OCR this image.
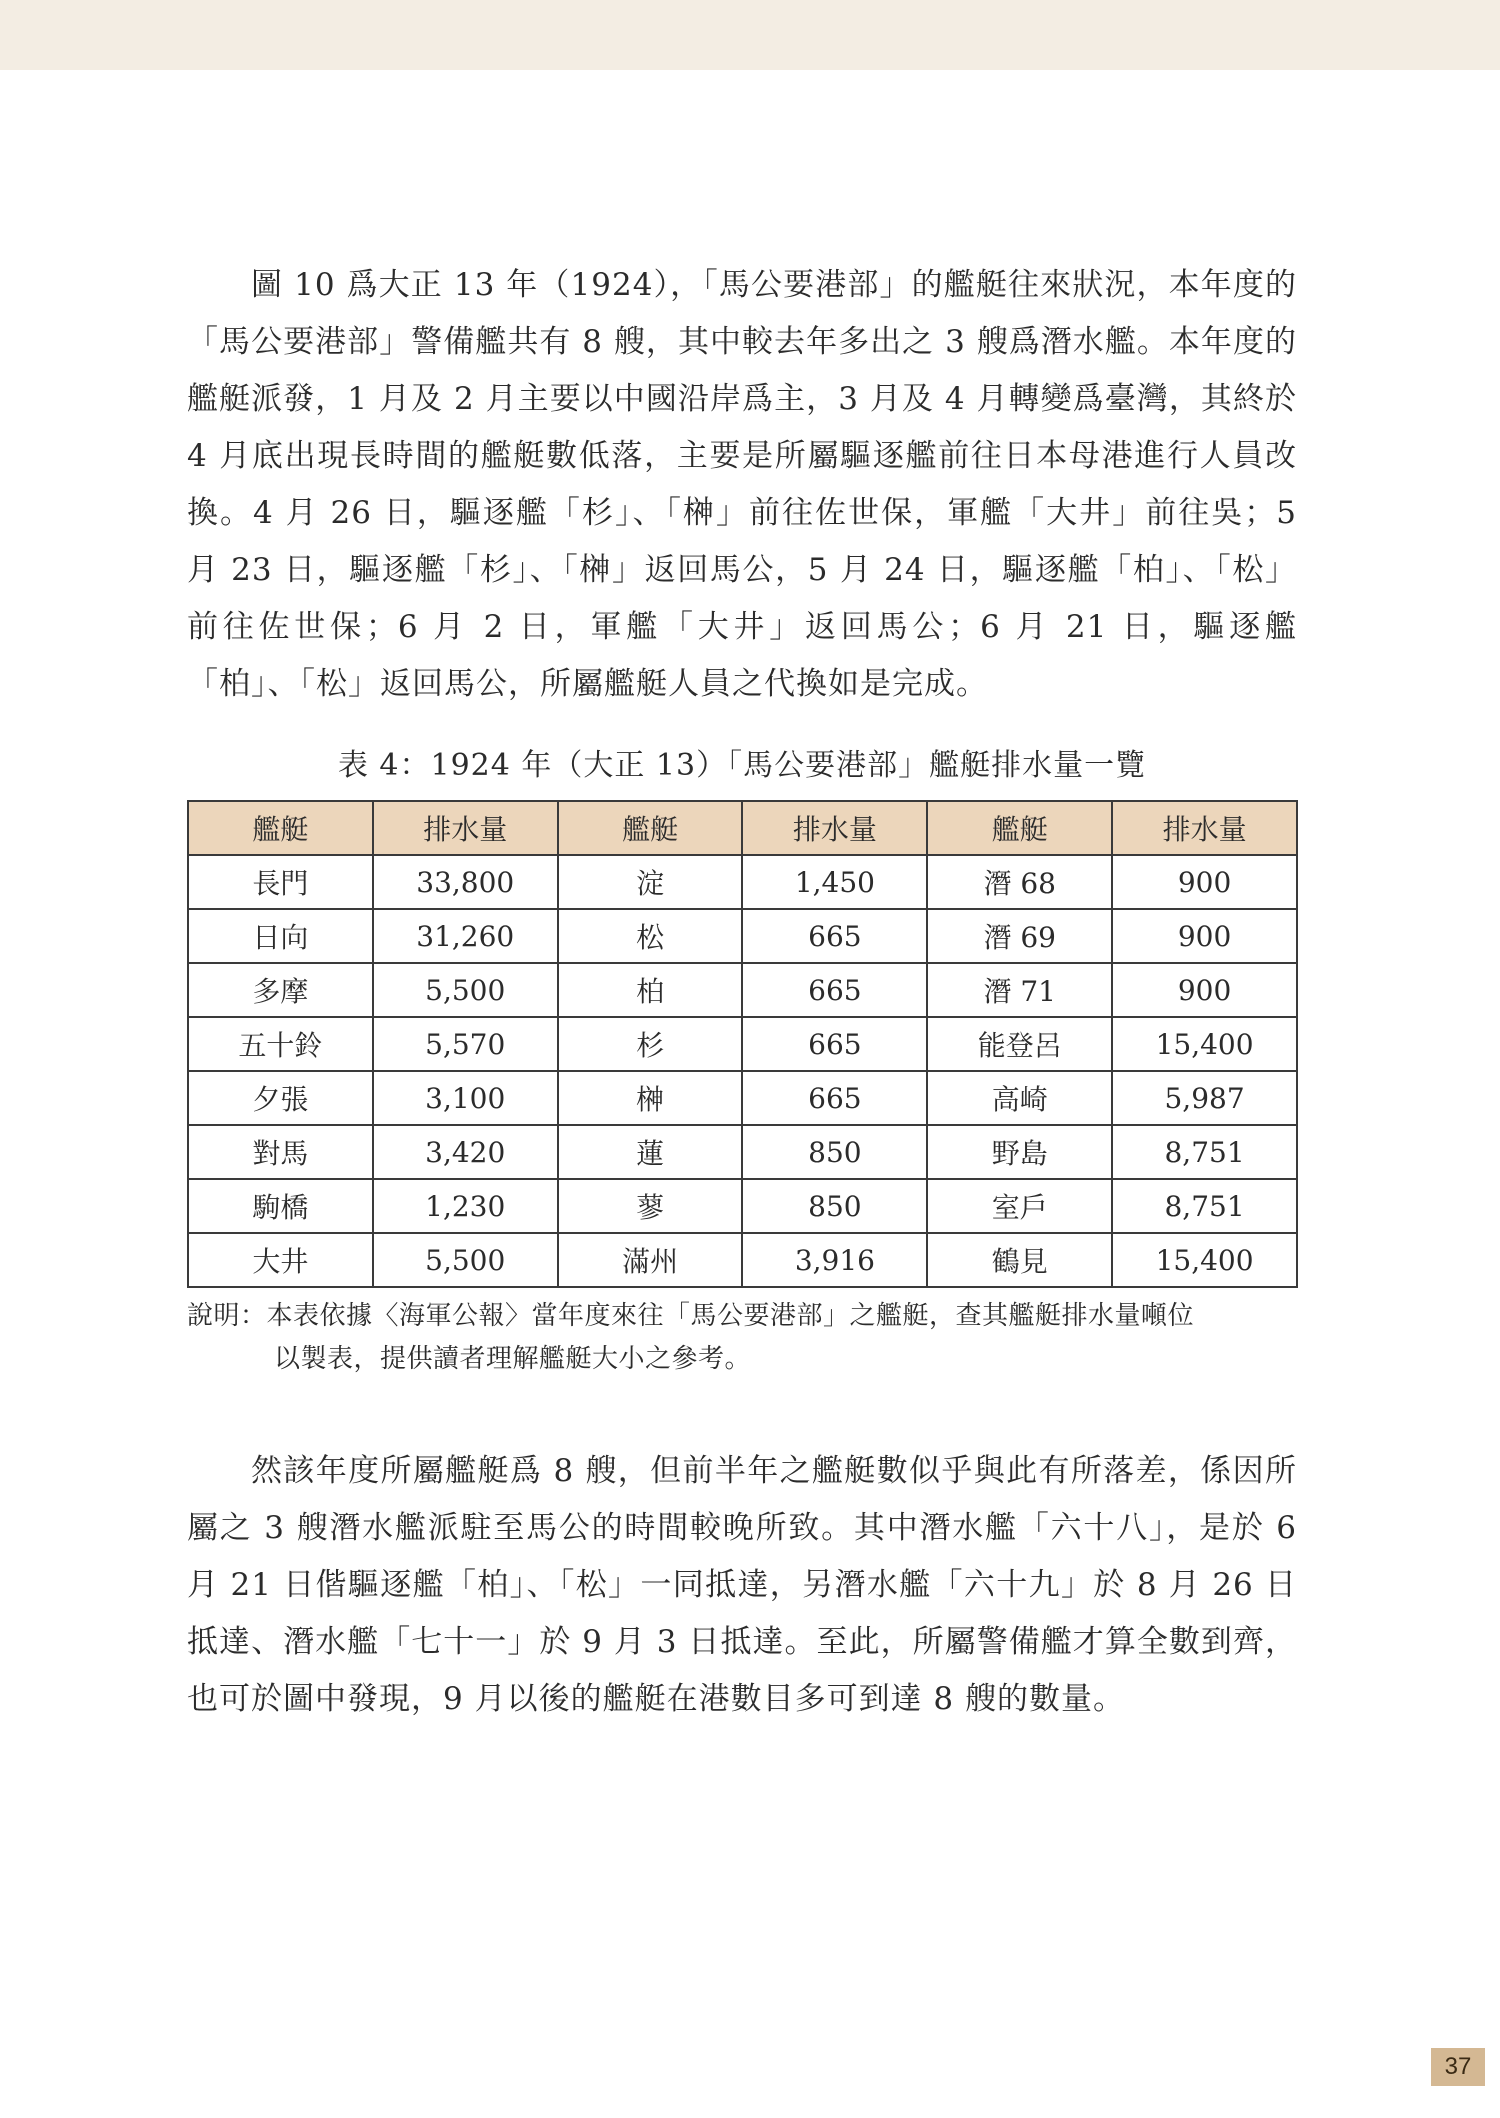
圖 10 爲大正 13 年（1924），「馬公要港部」的艦艇往來狀況，本年度的「馬公要港部」警備艦共有 8 艘，其中較去年多出之 3 艘爲潛水艦。本年度的艦艇派發，1 月及 2 月主要以中國沿岸爲主，3 月及 4 月轉變爲臺灣，其終於 4 月底出現長時間的艦艇數低落，主要是所屬驅逐艦前往日本母港進行人員改換。4 月 26 日，驅逐艦「杉」、「榊」前往佐世保，軍艦「大井」前往吳；5 月 23 日，驅逐艦「杉」、「榊」返回馬公，5 月 24 日，驅逐艦「柏」、「松」前往佐世保；6 月 2 日，軍艦「大井」返回馬公；6 月 21 日，驅逐艦「柏」、「松」返回馬公，所屬艦艇人員之代換如是完成。

表 4：1924 年（大正 13）「馬公要港部」艦艇排水量一覽
艦艇	排水量	艦艇	排水量	艦艇	排水量
長門	33,800	淀	1,450	潛 68	900
日向	31,260	松	665	潛 69	900
多摩	5,500	柏	665	潛 71	900
五十鈴	5,570	杉	665	能登呂	15,400
夕張	3,100	榊	665	高崎	5,987
對馬	3,420	蓮	850	野島	8,751
駒橋	1,230	蓼	850	室戶	8,751
大井	5,500	滿州	3,916	鶴見	15,400
說明：本表依據〈海軍公報〉當年度來往「馬公要港部」之艦艇，查其艦艇排水量噸位
以製表，提供讀者理解艦艇大小之參考。

然該年度所屬艦艇爲 8 艘，但前半年之艦艇數似乎與此有所落差，係因所屬之 3 艘潛水艦派駐至馬公的時間較晚所致。其中潛水艦「六十八」，是於 6 月 21 日偕驅逐艦「柏」、「松」一同抵達，另潛水艦「六十九」於 8 月 26 日抵達、潛水艦「七十一」於 9 月 3 日抵達。至此，所屬警備艦才算全數到齊，也可於圖中發現，9 月以後的艦艇在港數目多可到達 8 艘的數量。

37
